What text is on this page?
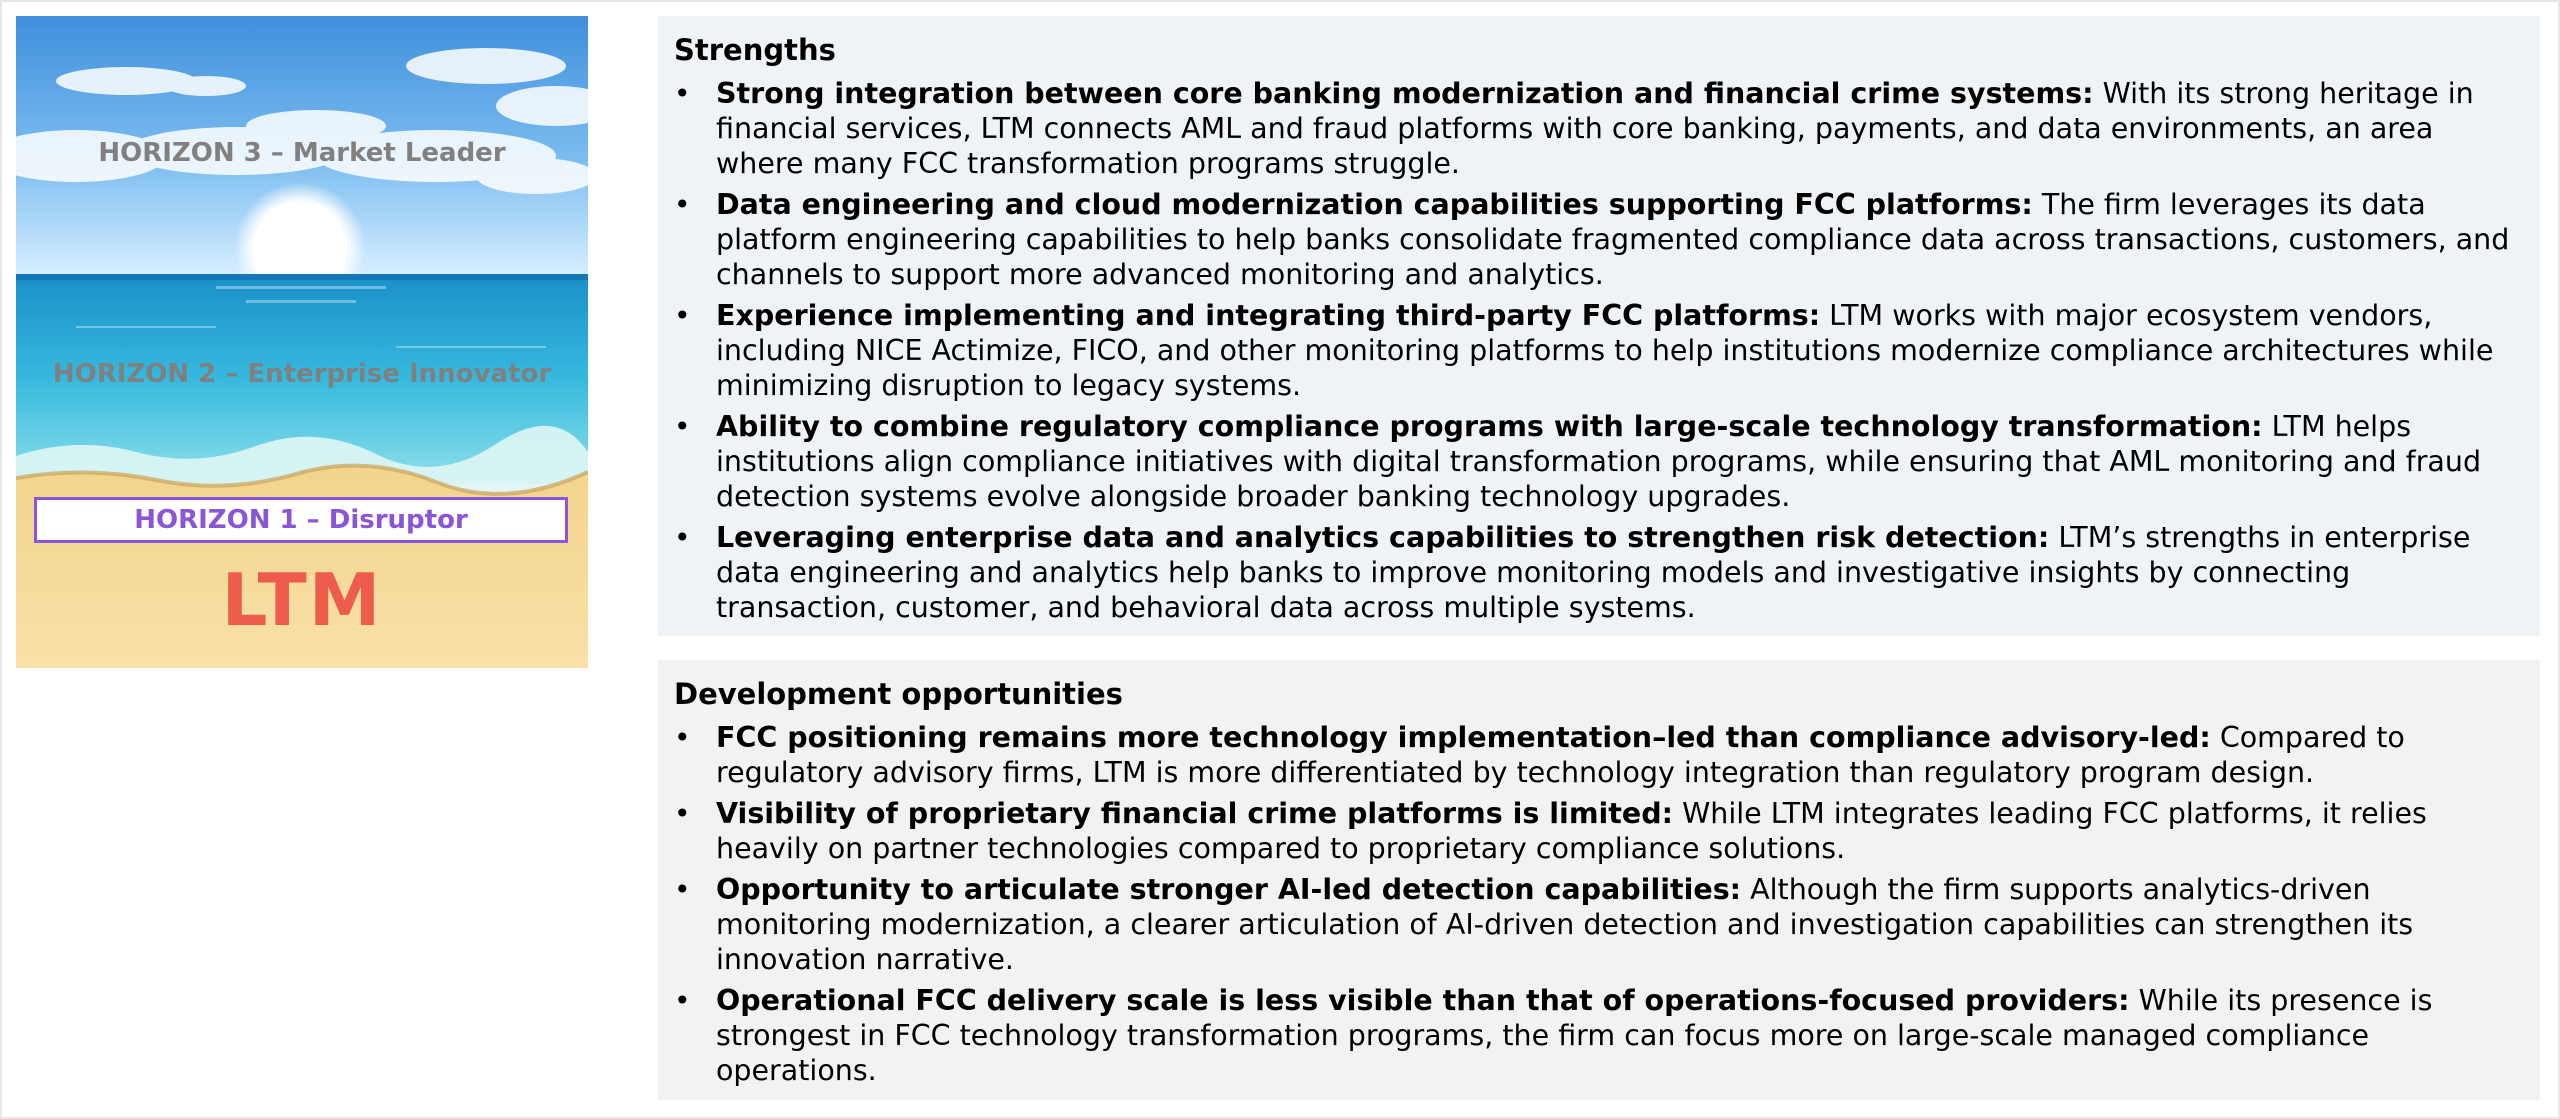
HORIZON 3 – Market Leader
HORIZON 2 – Enterprise Innovator
HORIZON 1 – Disruptor
LTM
Strengths
• Strong integration between core banking modernization and financial crime systems: With its strong heritage in financial services, LTM connects AML and fraud platforms with core banking, payments, and data environments, an area where many FCC transformation programs struggle.
• Data engineering and cloud modernization capabilities supporting FCC platforms: The firm leverages its data platform engineering capabilities to help banks consolidate fragmented compliance data across transactions, customers, and channels to support more advanced monitoring and analytics.
• Experience implementing and integrating third-party FCC platforms: LTM works with major ecosystem vendors, including NICE Actimize, FICO, and other monitoring platforms to help institutions modernize compliance architectures while minimizing disruption to legacy systems.
• Ability to combine regulatory compliance programs with large-scale technology transformation: LTM helps institutions align compliance initiatives with digital transformation programs, while ensuring that AML monitoring and fraud detection systems evolve alongside broader banking technology upgrades.
• Leveraging enterprise data and analytics capabilities to strengthen risk detection: LTM’s strengths in enterprise data engineering and analytics help banks to improve monitoring models and investigative insights by connecting transaction, customer, and behavioral data across multiple systems.
Development opportunities
• FCC positioning remains more technology implementation–led than compliance advisory-led: Compared to regulatory advisory firms, LTM is more differentiated by technology integration than regulatory program design.
• Visibility of proprietary financial crime platforms is limited: While LTM integrates leading FCC platforms, it relies heavily on partner technologies compared to proprietary compliance solutions.
• Opportunity to articulate stronger AI-led detection capabilities: Although the firm supports analytics-driven monitoring modernization, a clearer articulation of AI-driven detection and investigation capabilities can strengthen its innovation narrative.
• Operational FCC delivery scale is less visible than that of operations-focused providers: While its presence is strongest in FCC technology transformation programs, the firm can focus more on large-scale managed compliance operations.
